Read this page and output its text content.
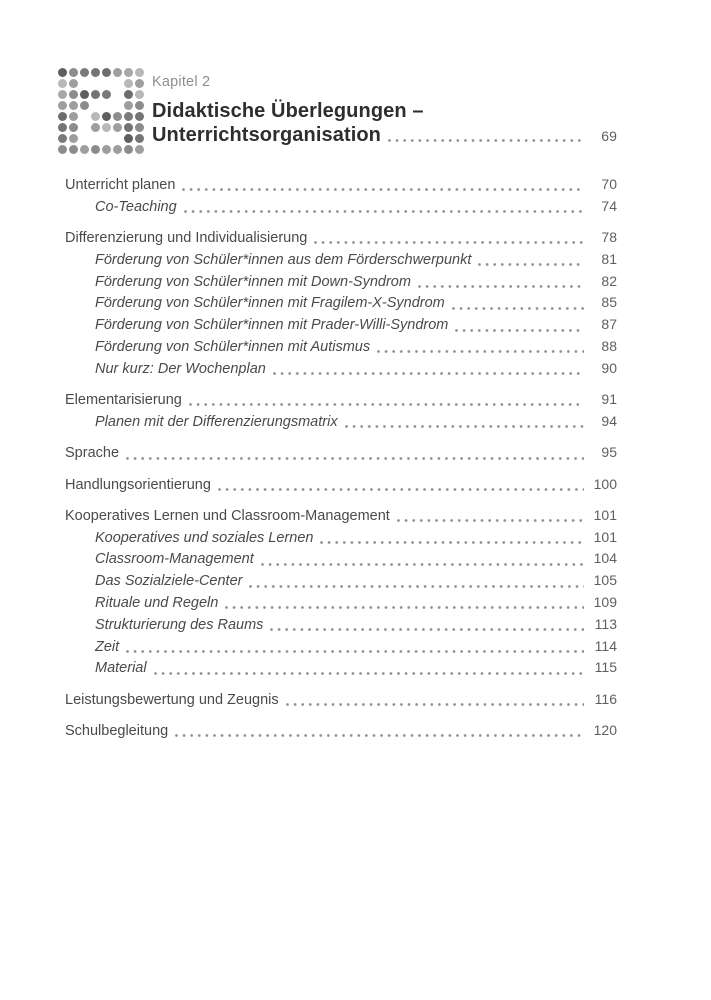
Kapitel 2
Didaktische Überlegungen –
Unterrichtsorganisation	69
Unterricht planen	70
Co-Teaching	74
Differenzierung und Individualisierung	78
Förderung von Schüler*innen aus dem Förderschwerpunkt	81
Förderung von Schüler*innen mit Down-Syndrom	82
Förderung von Schüler*innen mit Fragilem-X-Syndrom	85
Förderung von Schüler*innen mit Prader-Willi-Syndrom	87
Förderung von Schüler*innen mit Autismus	88
Nur kurz: Der Wochenplan	90
Elementarisierung	91
Planen mit der Differenzierungsmatrix	94
Sprache	95
Handlungsorientierung	100
Kooperatives Lernen und Classroom-Management	101
Kooperatives und soziales Lernen	101
Classroom-Management	104
Das Sozialziele-Center	105
Rituale und Regeln	109
Strukturierung des Raums	113
Zeit	114
Material	115
Leistungsbewertung und Zeugnis	116
Schulbegleitung	120
